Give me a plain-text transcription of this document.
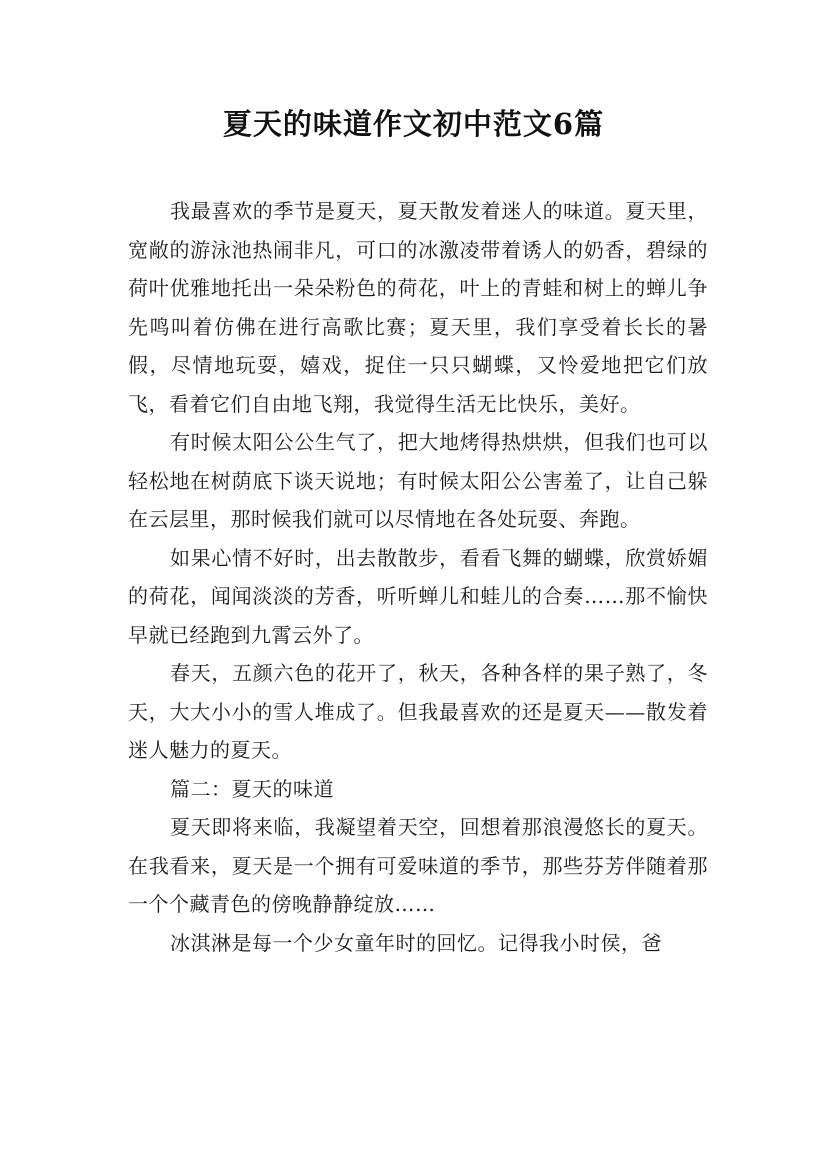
夏天的味道作文初中范文6篇

我最喜欢的季节是夏天，夏天散发着迷人的味道。夏天里，宽敞的游泳池热闹非凡，可口的冰激凌带着诱人的奶香，碧绿的荷叶优雅地托出一朵朵粉色的荷花，叶上的青蛙和树上的蝉儿争先鸣叫着仿佛在进行高歌比赛；夏天里，我们享受着长长的暑假，尽情地玩耍，嬉戏，捉住一只只蝴蝶，又怜爱地把它们放飞，看着它们自由地飞翔，我觉得生活无比快乐，美好。

有时候太阳公公生气了，把大地烤得热烘烘，但我们也可以轻松地在树荫底下谈天说地；有时候太阳公公害羞了，让自己躲在云层里，那时候我们就可以尽情地在各处玩耍、奔跑。

如果心情不好时，出去散散步，看看飞舞的蝴蝶，欣赏娇媚的荷花，闻闻淡淡的芳香，听听蝉儿和蛙儿的合奏……那不愉快早就已经跑到九霄云外了。

春天，五颜六色的花开了，秋天，各种各样的果子熟了，冬天，大大小小的雪人堆成了。但我最喜欢的还是夏天——散发着迷人魅力的夏天。

篇二：夏天的味道

夏天即将来临，我凝望着天空，回想着那浪漫悠长的夏天。在我看来，夏天是一个拥有可爱味道的季节，那些芬芳伴随着那一个个藏青色的傍晚静静绽放……

冰淇淋是每一个少女童年时的回忆。记得我小时侯，爸
